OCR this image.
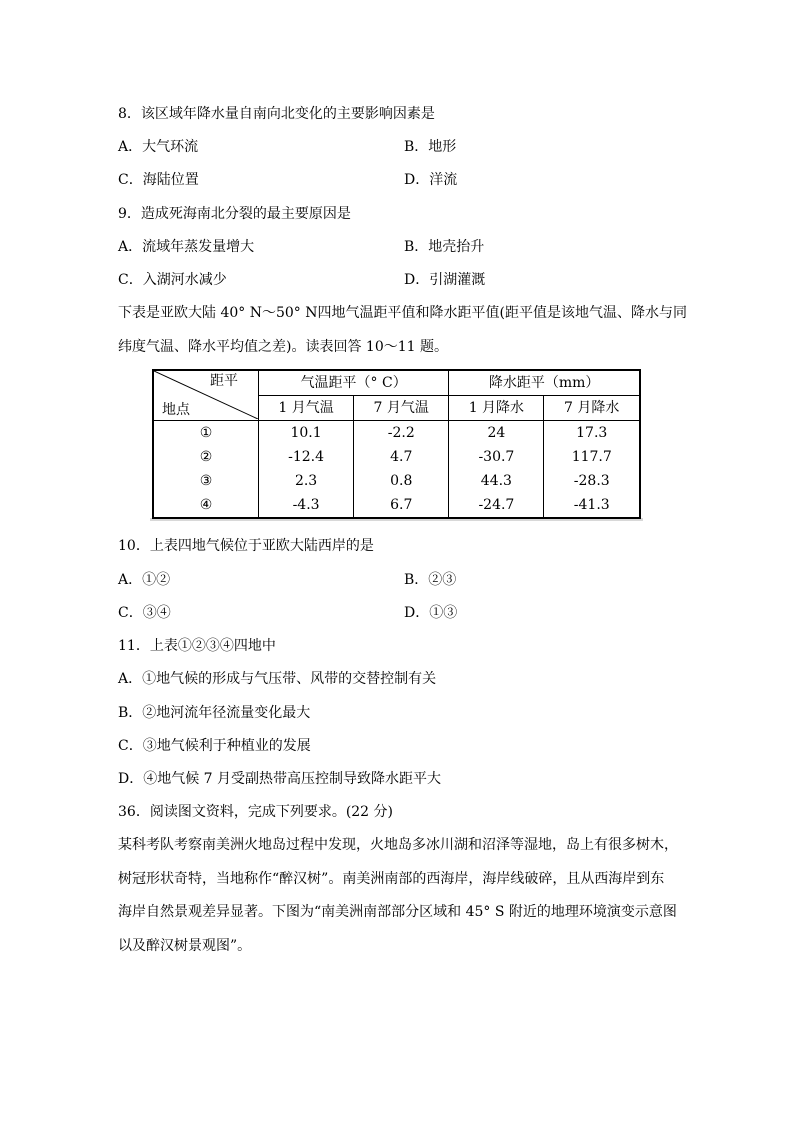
8．该区域年降水量自南向北变化的主要影响因素是
A．大气环流	B．地形
C．海陆位置	D．洋流
9．造成死海南北分裂的最主要原因是
A．流域年蒸发量增大	B．地壳抬升
C．入湖河水减少	D．引湖灌溉
下表是亚欧大陆 40° N～50° N四地气温距平值和降水距平值(距平值是该地气温、降水与同
纬度气温、降水平均值之差)。读表回答 10～11 题。
距平
地点	气温距平（° C）		降水距平（mm）	
	1 月气温	7 月气温	1 月降水	7 月降水
①	10.1	-2.2	24	17.3
②	-12.4	4.7	-30.7	117.7
③	2.3	0.8	44.3	-28.3
④	-4.3	6.7	-24.7	-41.3
10．上表四地气候位于亚欧大陆西岸的是
A．①②	B．②③
C．③④	D．①③
11．上表①②③④四地中
A．①地气候的形成与气压带、风带的交替控制有关
B．②地河流年径流量变化最大
C．③地气候利于种植业的发展
D．④地气候 7 月受副热带高压控制导致降水距平大
36．阅读图文资料，完成下列要求。(22 分)
某科考队考察南美洲火地岛过程中发现，火地岛多冰川湖和沼泽等湿地，岛上有很多树木，
树冠形状奇特，当地称作“醉汉树”。南美洲南部的西海岸，海岸线破碎，且从西海岸到东
海岸自然景观差异显著。下图为“南美洲南部部分区域和 45° S 附近的地理环境演变示意图
以及醉汉树景观图”。
